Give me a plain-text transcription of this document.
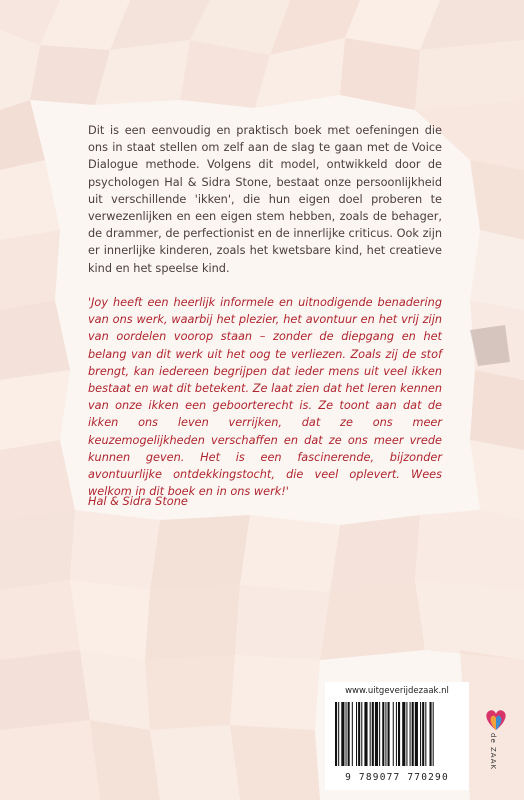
Dit is een eenvoudig en praktisch boek met oefeningen die ons in staat stellen om zelf aan de slag te gaan met de Voice Dialogue methode. Volgens dit model, ontwikkeld door de psychologen Hal & Sidra Stone, bestaat onze persoonlijkheid uit verschillende 'ikken', die hun eigen doel proberen te verwezenlijken en een eigen stem hebben, zoals de behager, de drammer, de perfectionist en de innerlijke criticus. Ook zijn er innerlijke kinderen, zoals het kwetsbare kind, het creatieve kind en het speelse kind.

'Joy heeft een heerlijk informele en uitnodigende benadering van ons werk, waarbij het plezier, het avontuur en het vrij zijn van oordelen voorop staan – zonder de diepgang en het belang van dit werk uit het oog te verliezen. Zoals zij de stof brengt, kan iedereen begrijpen dat ieder mens uit veel ikken bestaat en wat dit betekent. Ze laat zien dat het leren kennen van onze ikken een geboorterecht is. Ze toont aan dat de ikken ons leven verrijken, dat ze ons meer keuzemogelijkheden verschaffen en dat ze ons meer vrede kunnen geven. Het is een fascinerende, bijzonder avontuurlijke ontdekkingstocht, die veel oplevert. Wees welkom in dit boek en in ons werk!'

Hal & Sidra Stone
www.uitgeverijdezaak.nl
9 789077 770290
de ZAAK
